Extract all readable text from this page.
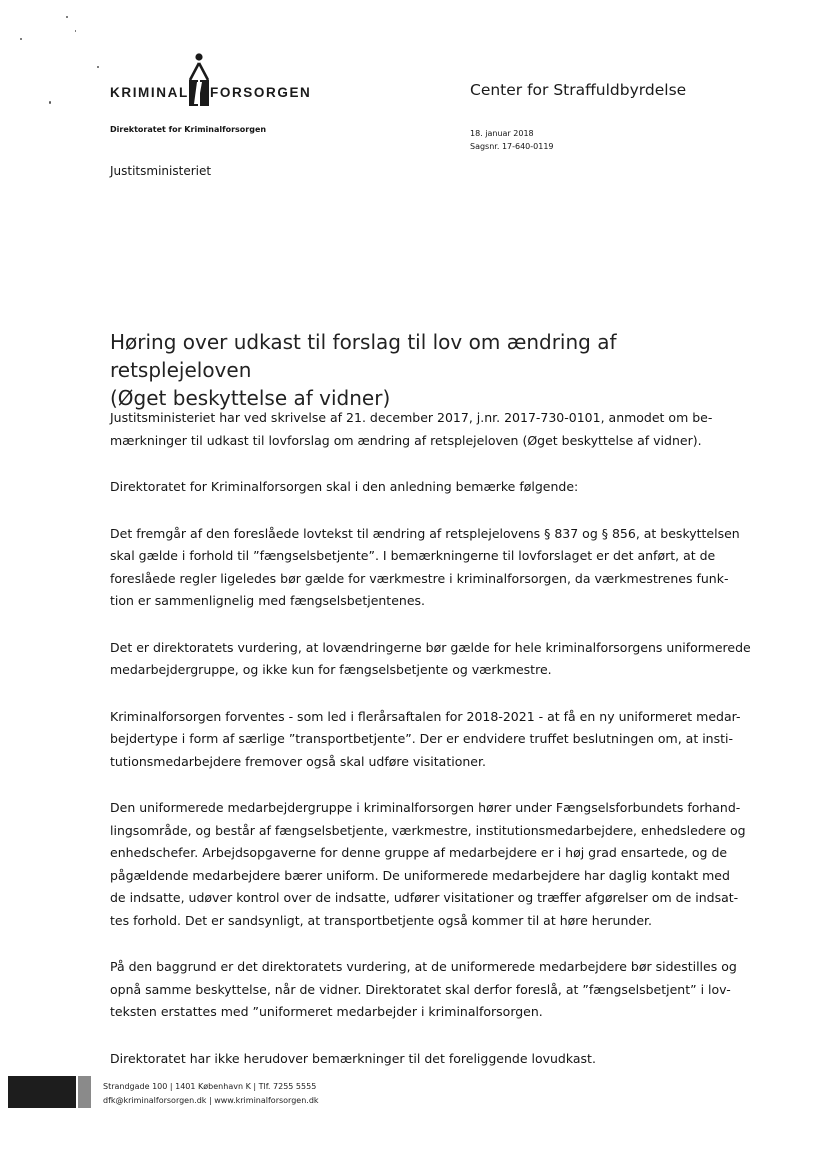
KRIMINAL FORSORGEN
Direktoratet for Kriminalforsorgen
Justitsministeriet
Center for Straffuldbyrdelse
18. januar 2018
Sagsnr. 17-640-0119
Høring over udkast til forslag til lov om ændring af retsplejeloven
(Øget beskyttelse af vidner)

Justitsministeriet har ved skrivelse af 21. december 2017, j.nr. 2017-730-0101, anmodet om be-
mærkninger til udkast til lovforslag om ændring af retsplejeloven (Øget beskyttelse af vidner).

Direktoratet for Kriminalforsorgen skal i den anledning bemærke følgende:

Det fremgår af den foreslåede lovtekst til ændring af retsplejelovens § 837 og § 856, at beskyttelsen
skal gælde i forhold til ”fængselsbetjente”. I bemærkningerne til lovforslaget er det anført, at de
foreslåede regler ligeledes bør gælde for værkmestre i kriminalforsorgen, da værkmestrenes funk-
tion er sammenlignelig med fængselsbetjentenes.

Det er direktoratets vurdering, at lovændringerne bør gælde for hele kriminalforsorgens uniformerede
medarbejdergruppe, og ikke kun for fængselsbetjente og værkmestre.

Kriminalforsorgen forventes - som led i flerårsaftalen for 2018-2021 - at få en ny uniformeret medar-
bejdertype i form af særlige ”transportbetjente”. Der er endvidere truffet beslutningen om, at insti-
tutionsmedarbejdere fremover også skal udføre visitationer.

Den uniformerede medarbejdergruppe i kriminalforsorgen hører under Fængselsforbundets forhand-
lingsområde, og består af fængselsbetjente, værkmestre, institutionsmedarbejdere, enhedsledere og
enhedschefer. Arbejdsopgaverne for denne gruppe af medarbejdere er i høj grad ensartede, og de
pågældende medarbejdere bærer uniform. De uniformerede medarbejdere har daglig kontakt med
de indsatte, udøver kontrol over de indsatte, udfører visitationer og træffer afgørelser om de indsat-
tes forhold. Det er sandsynligt, at transportbetjente også kommer til at høre herunder.

På den baggrund er det direktoratets vurdering, at de uniformerede medarbejdere bør sidestilles og
opnå samme beskyttelse, når de vidner. Direktoratet skal derfor foreslå, at ”fængselsbetjent” i lov-
teksten erstattes med ”uniformeret medarbejder i kriminalforsorgen.

Direktoratet har ikke herudover bemærkninger til det foreliggende lovudkast.

Strandgade 100 | 1401 København K | Tlf. 7255 5555
dfk@kriminalforsorgen.dk | www.kriminalforsorgen.dk
